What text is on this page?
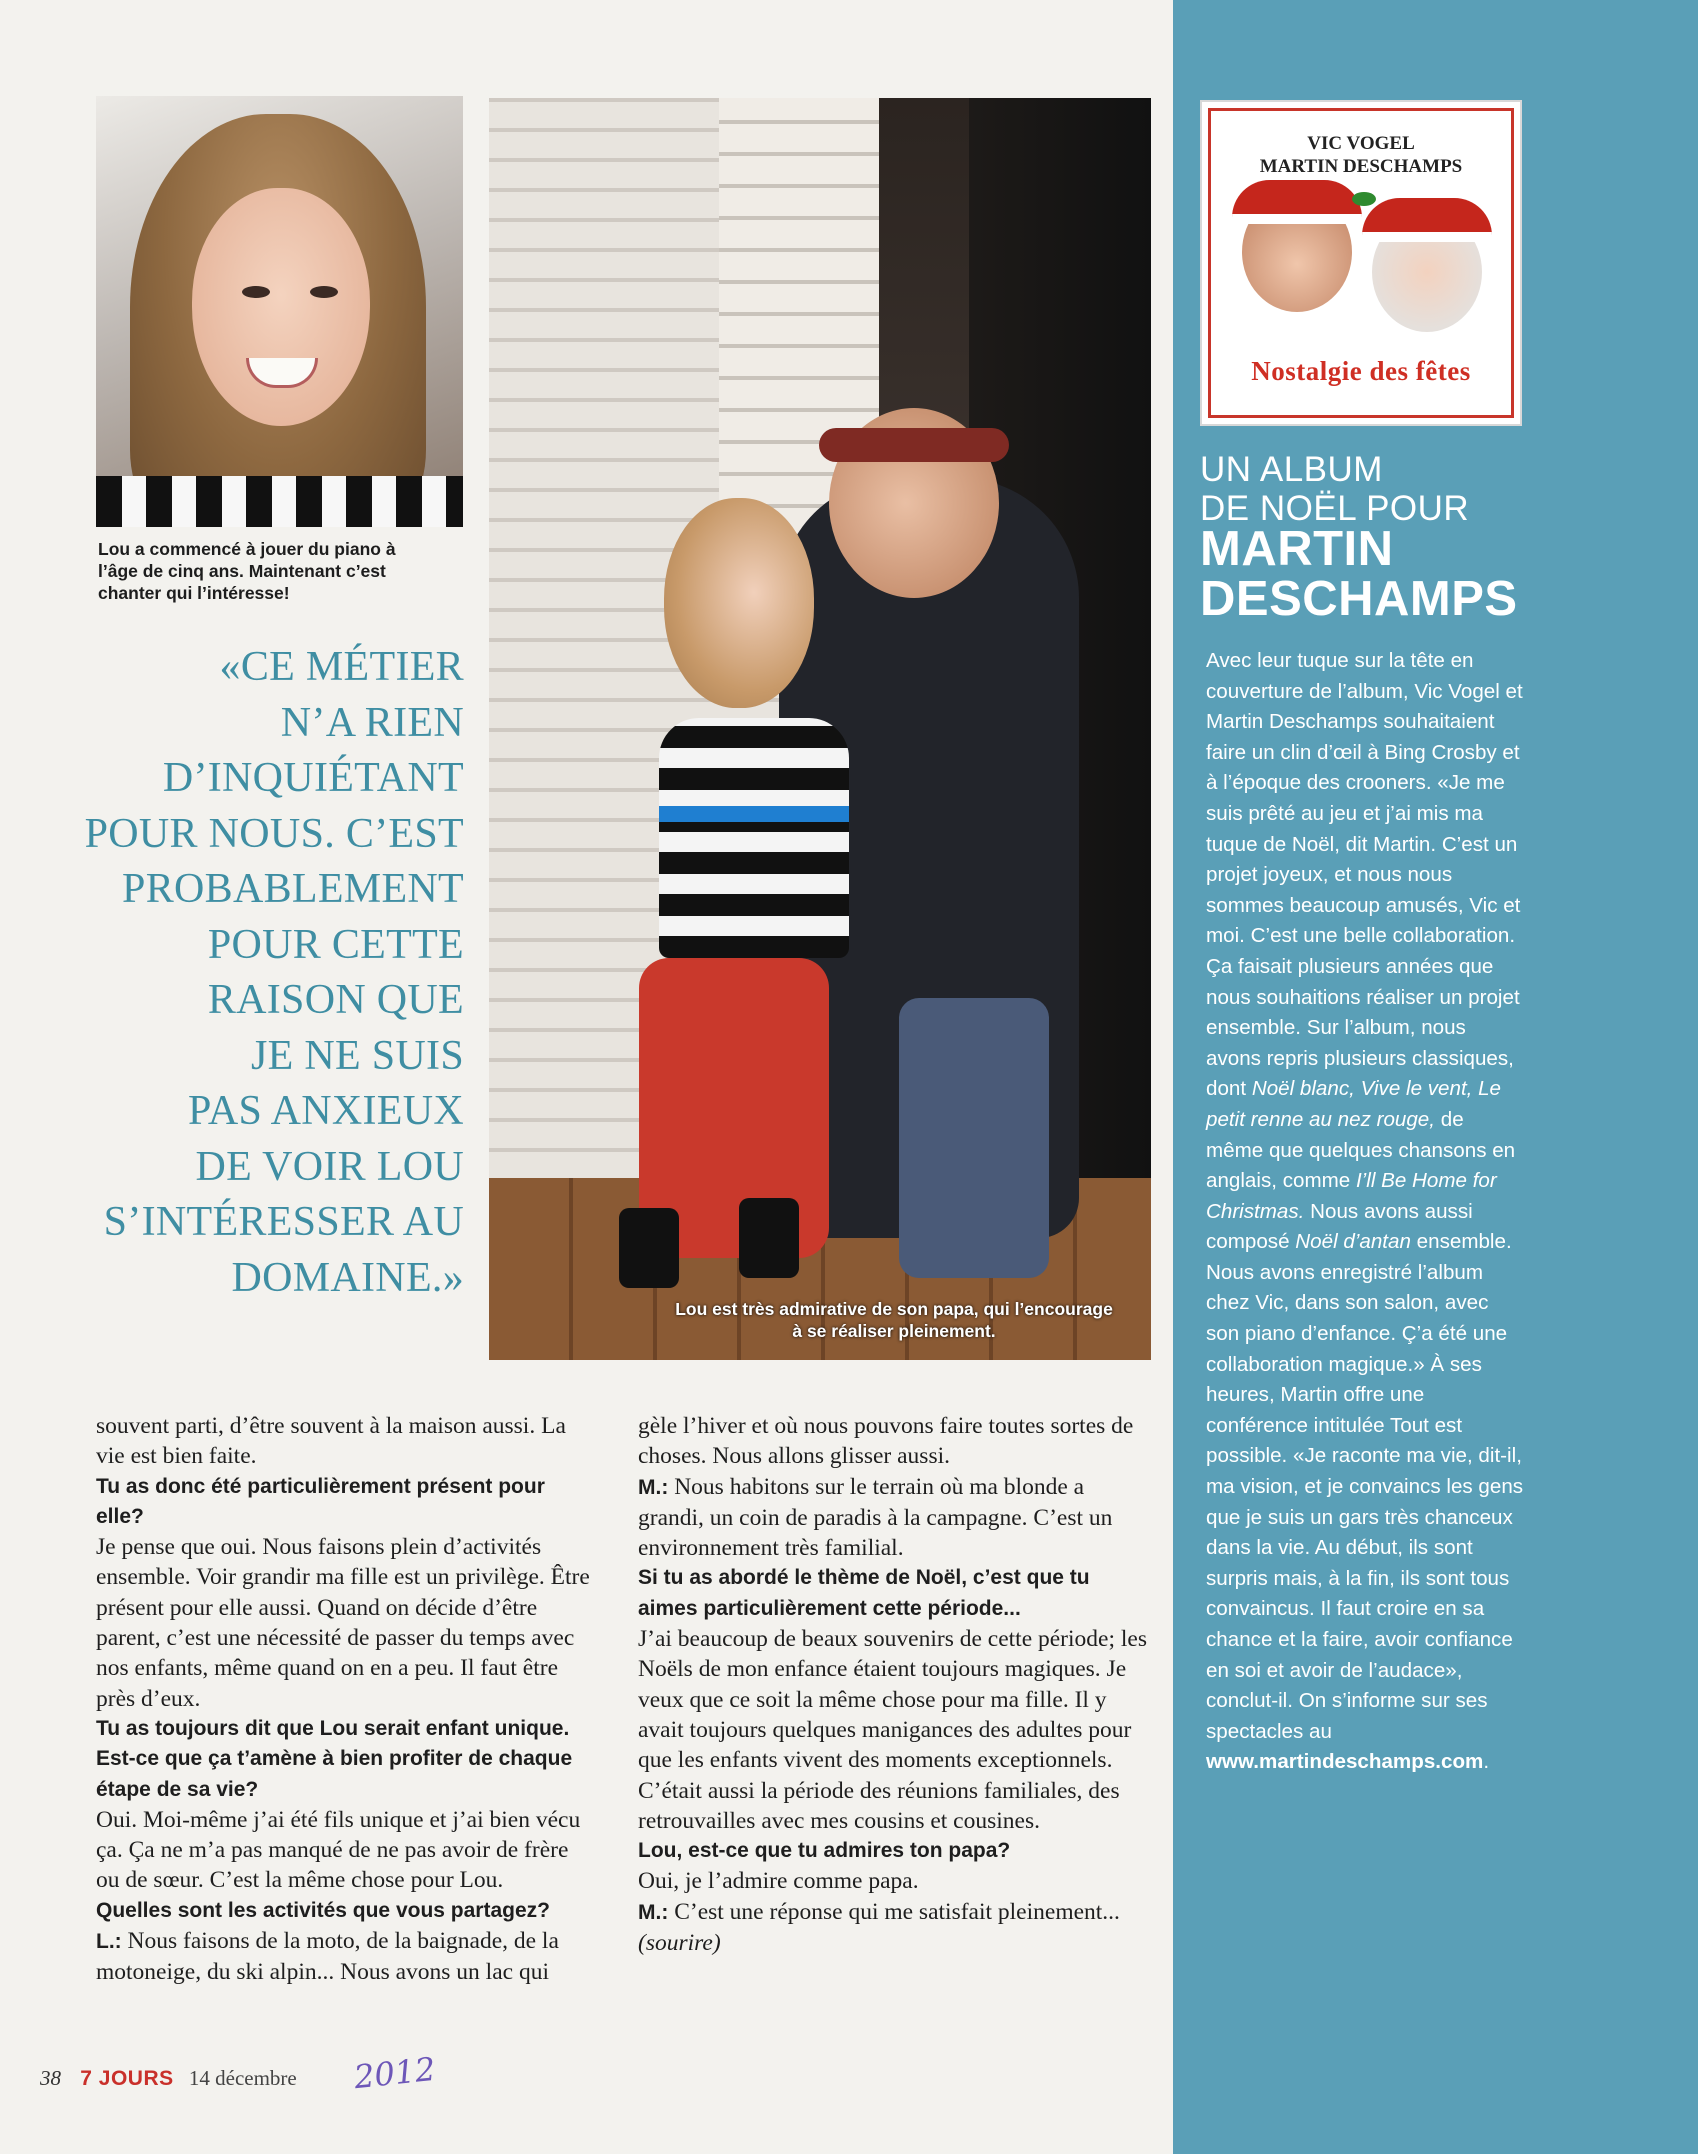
Lou a commencé à jouer du piano à l’âge de cinq ans. Maintenant c’est chanter qui l’intéresse!
Lou est très admirative de son papa, qui l’encourage à se réaliser pleinement.
«CE MÉTIER
N’A RIEN
D’INQUIÉTANT
POUR NOUS. C’EST
PROBABLEMENT
POUR CETTE
RAISON QUE
JE NE SUIS
PAS ANXIEUX
DE VOIR LOU
S’INTÉRESSER AU
DOMAINE.»

souvent parti, d’être souvent à la maison aussi. La vie est bien faite.

Tu as donc été particulièrement présent pour elle?

Je pense que oui. Nous faisons plein d’activités ensemble. Voir grandir ma fille est un privilège. Être présent pour elle aussi. Quand on décide d’être parent, c’est une nécessité de passer du temps avec nos enfants, même quand on en a peu. Il faut être près d’eux.

Tu as toujours dit que Lou serait enfant unique. Est-ce que ça t’amène à bien profiter de chaque étape de sa vie?

Oui. Moi-même j’ai été fils unique et j’ai bien vécu ça. Ça ne m’a pas manqué de ne pas avoir de frère ou de sœur. C’est la même chose pour Lou.

Quelles sont les activités que vous partagez?

L.: Nous faisons de la moto, de la baignade, de la motoneige, du ski alpin... Nous avons un lac qui

gèle l’hiver et où nous pouvons faire toutes sortes de choses. Nous allons glisser aussi.

M.: Nous habitons sur le terrain où ma blonde a grandi, un coin de paradis à la campagne. C’est un environnement très familial.

Si tu as abordé le thème de Noël, c’est que tu aimes particulièrement cette période...

J’ai beaucoup de beaux souvenirs de cette période; les Noëls de mon enfance étaient toujours magiques. Je veux que ce soit la même chose pour ma fille. Il y avait toujours quelques manigances des adultes pour que les enfants vivent des moments exceptionnels. C’était aussi la période des réunions familiales, des retrouvailles avec mes cousins et cousines.

Lou, est-ce que tu admires ton papa?

Oui, je l’admire comme papa.

M.: C’est une réponse qui me satisfait pleinement... (sourire)

VIC VOGEL
MARTIN DESCHAMPS
Nostalgie des fêtes
UN ALBUM
DE NOËL POUR
MARTIN
DESCHAMPS
Avec leur tuque sur la tête en couverture de l’album, Vic Vogel et Martin Deschamps souhaitaient faire un clin d’œil à Bing Crosby et à l’époque des crooners. «Je me suis prêté au jeu et j’ai mis ma tuque de Noël, dit Martin. C’est un projet joyeux, et nous nous sommes beaucoup amusés, Vic et moi. C’est une belle collaboration. Ça faisait plusieurs années que nous souhaitions réaliser un projet ensemble. Sur l’album, nous avons repris plusieurs classiques, dont Noël blanc, Vive le vent, Le petit renne au nez rouge, de même que quelques chansons en anglais, comme I’ll Be Home for Christmas. Nous avons aussi composé Noël d’antan ensemble. Nous avons enregistré l’album chez Vic, dans son salon, avec son piano d’enfance. Ç’a été une collaboration magique.» À ses heures, Martin offre une conférence intitulée Tout est possible. «Je raconte ma vie, dit-il, ma vision, et je convaincs les gens que je suis un gars très chanceux dans la vie. Au début, ils sont surpris mais, à la fin, ils sont tous convaincus. Il faut croire en sa chance et la faire, avoir confiance en soi et avoir de l’audace», conclut-il. On s’informe sur ses spectacles au www.martindeschamps.com.
38 7 JOURS 14 décembre 2012
